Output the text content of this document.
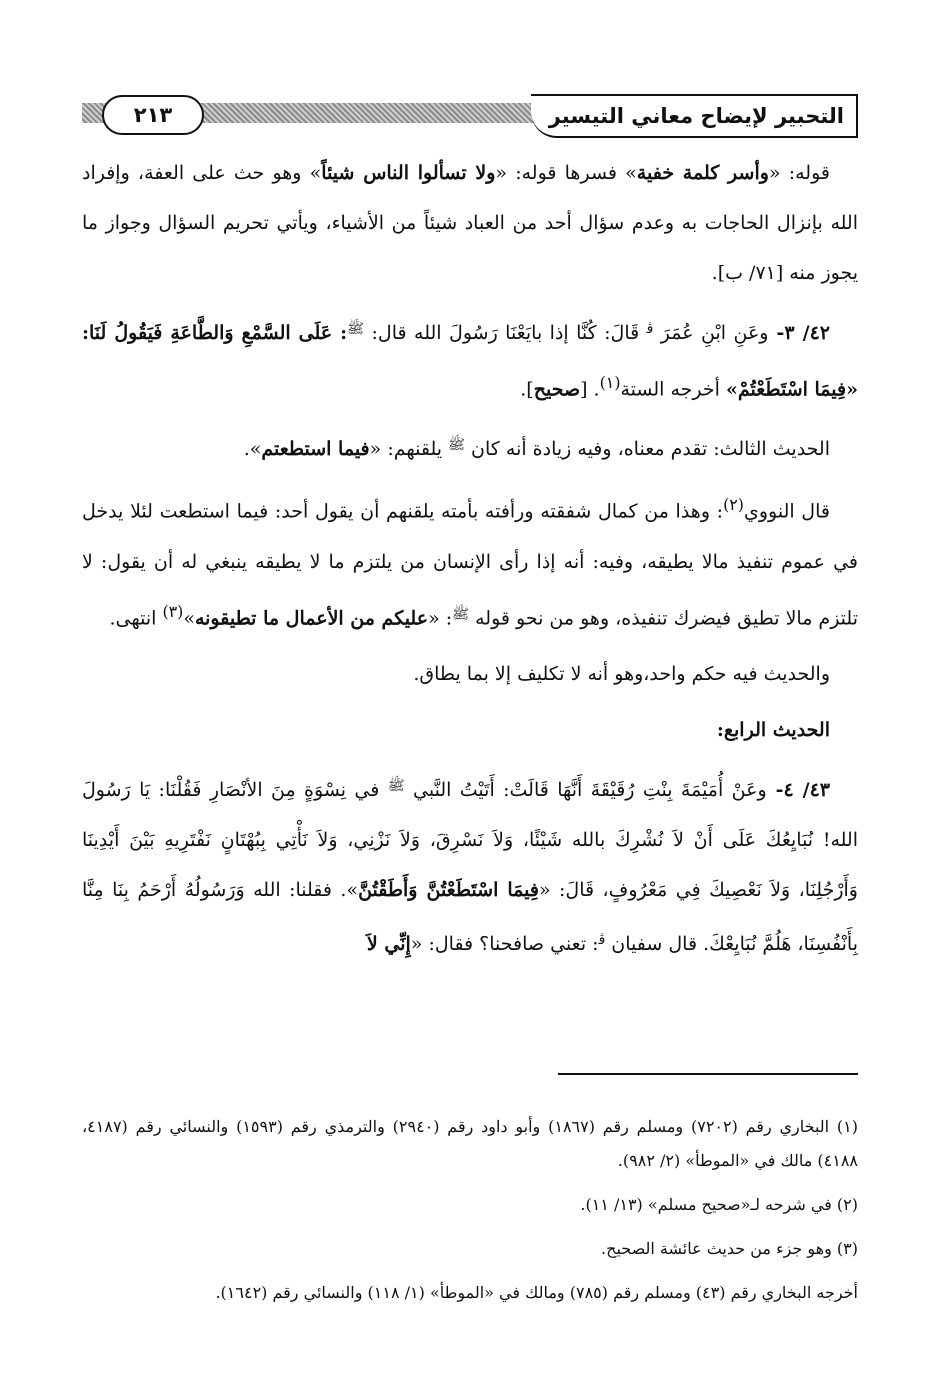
٢١٣	التحبير لإيضاح معاني التيسير

قوله: «وأسر كلمة خفية» فسرها قوله: «ولا تسألوا الناس شيئاً» وهو حث على العفة، وإفراد الله بإنزال الحاجات به وعدم سؤال أحد من العباد شيئاً من الأشياء، ويأتي تحريم السؤال وجواز ما يجوز منه [٧١/ ب].

٤٢/ ٣- وعَنِ ابْنِ عُمَرَ $^ﭬ$ قَالَ: كُنَّا إذا بايَعْنَا رَسُولَ الله قال: $^ﷺ$: عَلَى السَّمْعِ وَالطَّاعَةِ فَيَقُولُ لَنَا: «فِيمَا اسْتَطَعْتُمْ» أخرجه الستة$^{(١)}$. [صحيح].

الحديث الثالث: تقدم معناه، وفيه زيادة أنه كان $^ﷺ$ يلقنهم: «فيما استطعتم».

قال النووي$^{(٢)}$: وهذا من كمال شفقته ورأفته بأمته يلقنهم أن يقول أحد: فيما استطعت لئلا يدخل في عموم تنفيذ مالا يطيقه، وفيه: أنه إذا رأى الإنسان من يلتزم ما لا يطيقه ينبغي له أن يقول: لا تلتزم مالا تطيق فيضرك تنفيذه، وهو من نحو قوله $^ﷺ$: «عليكم من الأعمال ما تطيقونه»$^{(٣)}$ انتهى.

والحديث فيه حكم واحد،وهو أنه لا تكليف إلا بما يطاق.

الحديث الرابع:

٤٣/ ٤- وعَنْ أُمَيْمَةَ بِنْتِ رُقَيْقَةَ أَنَّهَا قَالَتْ: أَتَيْتُ النَّبي $^ﷺ$ في نِسْوَةٍ مِنَ الأنْصَارِ فَقُلْنَا: يَا رَسُولَ الله! نُبَايِعُكَ عَلَى أَنْ لاَ نُشْرِكَ بالله شَيْئًا، وَلاَ نَسْرِقَ، وَلاَ نَزْنِي، وَلاَ نَأْتِي بِبُهْتَانٍ نَفْتَرِيهِ بَيْنَ أَيْدِينَا وَأَرْجُلِنَا، وَلاَ نَعْصِيكَ فِي مَعْرُوفٍ، قَالَ: «فِيمَا اسْتَطَعْتُنَّ وَأَطَقْتُنَّ». فقلنا: الله وَرَسُولُهُ أَرْحَمُ بِنَا مِنَّا بِأَنْفُسِنَا، هَلُمَّ نُبَايِعْكَ. قال سفيان $^ﭬ$: تعني صافحنا؟ فقال: «إِنِّي لاَ

(١) البخاري رقم (٧٢٠٢) ومسلم رقم (١٨٦٧) وأبو داود رقم (٢٩٤٠) والترمذي رقم (١٥٩٣) والنسائي رقم (٤١٨٧، ٤١٨٨) مالك في «الموطأ» (٢/ ٩٨٢).

(٢) في شرحه لـ«صحيح مسلم» (١٣/ ١١).

(٣) وهو جزء من حديث عائشة الصحيح.

أخرجه البخاري رقم (٤٣) ومسلم رقم (٧٨٥) ومالك في «الموطأ» (١/ ١١٨) والنسائي رقم (١٦٤٢).
